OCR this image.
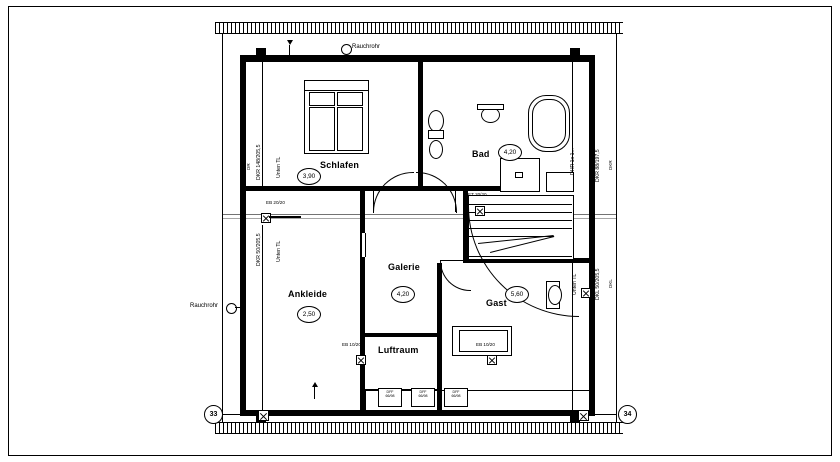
Schlafen
3,90
Bad	4,20
Ankleide
2,50
Galerie
4,20
Gast
5,60
Luftraum
Rauchrohr
Rauchrohr
DR DKR 148/205,5	Unten TL
Unten TL
DKR 50/205,5
EB 20/20
ET 20/20
DHR 1x 1...	DKR 88/197,5 DKR
Unten TL	DKL 50/205,5 DKL
EB 10/20	EB 10/20
DFF
66/98
DFF
66/98
DFF
66/98
33	34
